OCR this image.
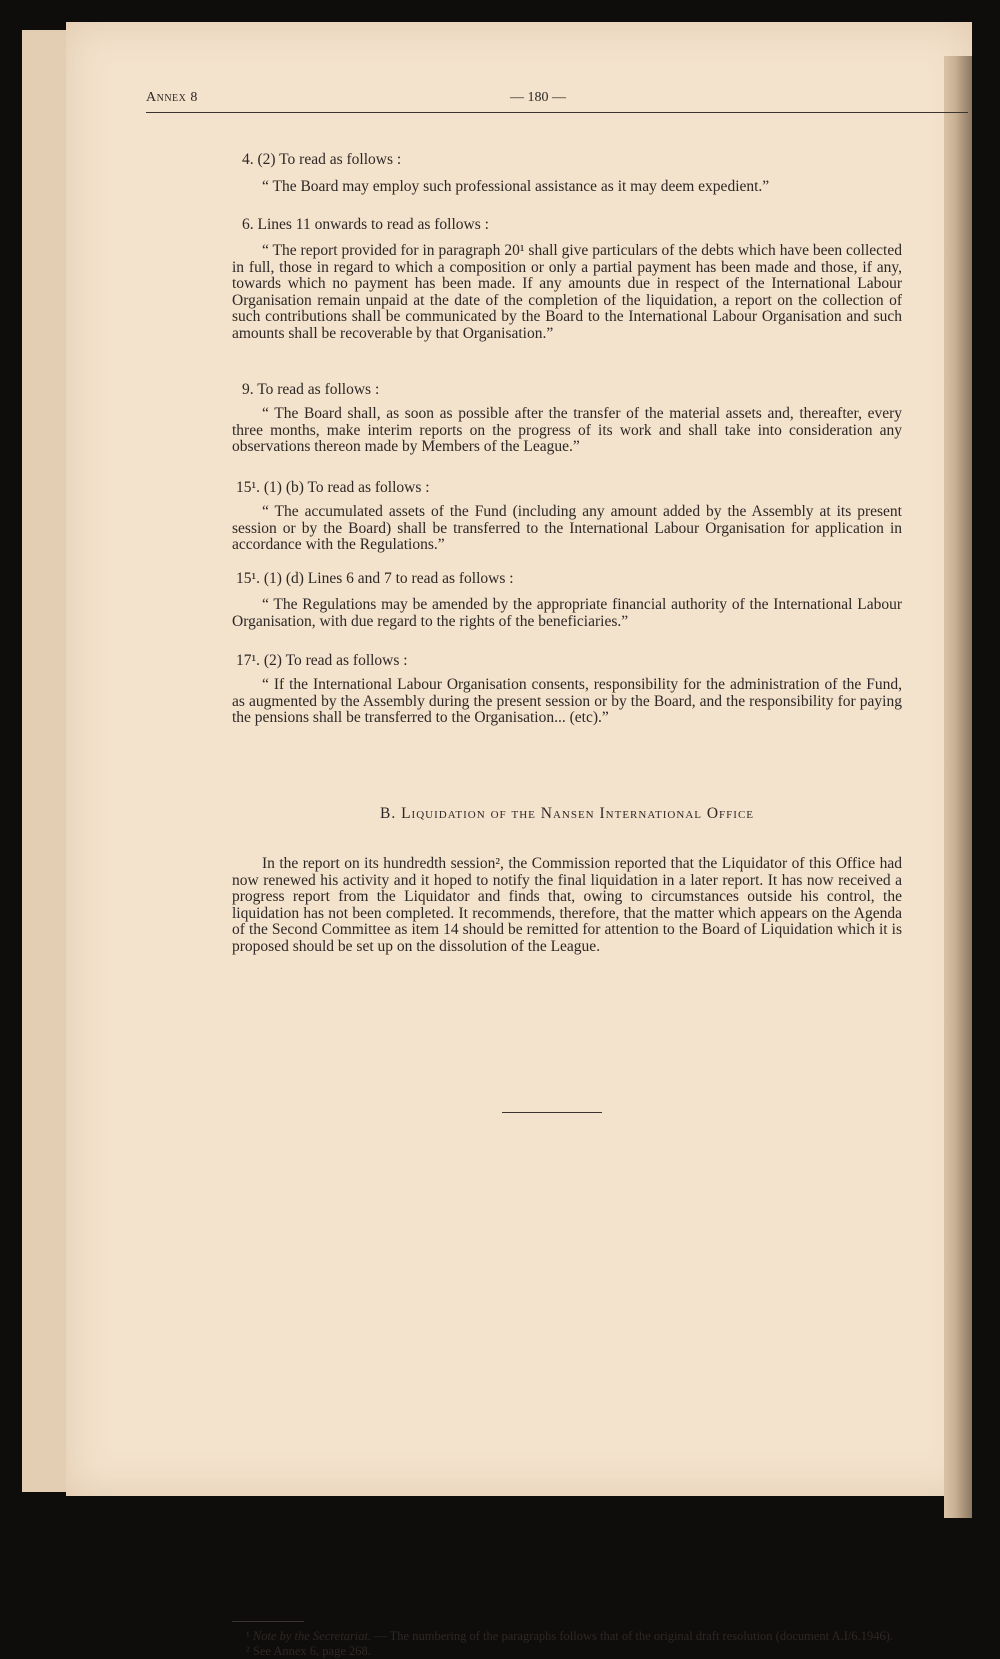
Annex 8	— 180 —
4. (2) To read as follows :

“ The Board may employ such professional assistance as it may deem expedient.”

6. Lines 11 onwards to read as follows :

“ The report provided for in paragraph 20¹ shall give particulars of the debts which have been collected in full, those in regard to which a composition or only a partial payment has been made and those, if any, towards which no payment has been made. If any amounts due in respect of the International Labour Organisation remain unpaid at the date of the completion of the liquidation, a report on the collection of such contributions shall be communicated by the Board to the International Labour Organisation and such amounts shall be recoverable by that Organisation.”

9. To read as follows :

“ The Board shall, as soon as possible after the transfer of the material assets and, thereafter, every three months, make interim reports on the progress of its work and shall take into consideration any observations thereon made by Members of the League.”

15¹. (1) (b) To read as follows :

“ The accumulated assets of the Fund (including any amount added by the Assembly at its present session or by the Board) shall be transferred to the International Labour Organisation for application in accordance with the Regulations.”

15¹. (1) (d) Lines 6 and 7 to read as follows :

“ The Regulations may be amended by the appropriate financial authority of the International Labour Organisation, with due regard to the rights of the beneficiaries.”

17¹. (2) To read as follows :

“ If the International Labour Organisation consents, responsibility for the administration of the Fund, as augmented by the Assembly during the present session or by the Board, and the responsibility for paying the pensions shall be transferred to the Organisation... (etc).”

B. Liquidation of the Nansen International Office

In the report on its hundredth session², the Commission reported that the Liquidator of this Office had now renewed his activity and it hoped to notify the final liquidation in a later report. It has now received a progress report from the Liquidator and finds that, owing to circumstances outside his control, the liquidation has not been completed. It recommends, therefore, that the matter which appears on the Agenda of the Second Committee as item 14 should be remitted for attention to the Board of Liquidation which it is proposed should be set up on the dissolution of the League.

¹ Note by the Secretariat. — The numbering of the paragraphs follows that of the original draft resolution (document A.I/6.1946).

² See Annex 6, page 268.
